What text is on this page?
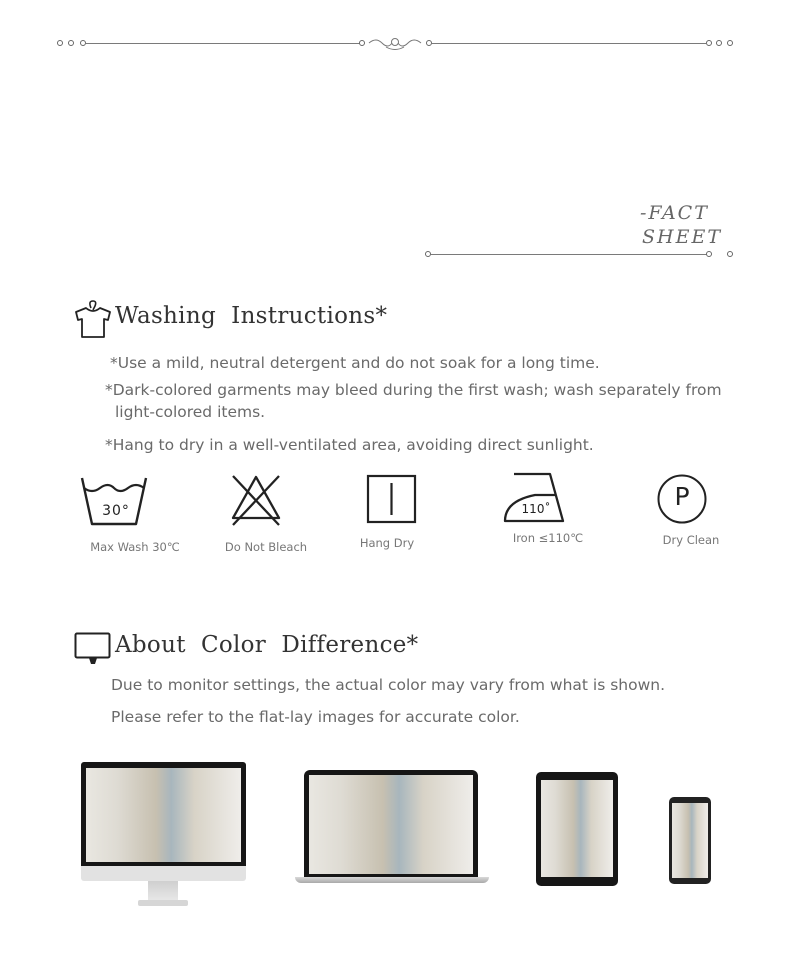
-FACT
SHEET
Washing  Instructions*
*Use a mild, neutral detergent and do not soak for a long time.
*Dark-colored garments may bleed during the first wash; wash separately from
light-colored items.
*Hang to dry in a well-ventilated area, avoiding direct sunlight.
30°
Max Wash 30℃	Do Not Bleach	Hang Dry
110˚
Iron ≤110℃
P
Dry Clean
About  Color  Difference*
Due to monitor settings, the actual color may vary from what is shown.
Please refer to the flat-lay images for accurate color.
